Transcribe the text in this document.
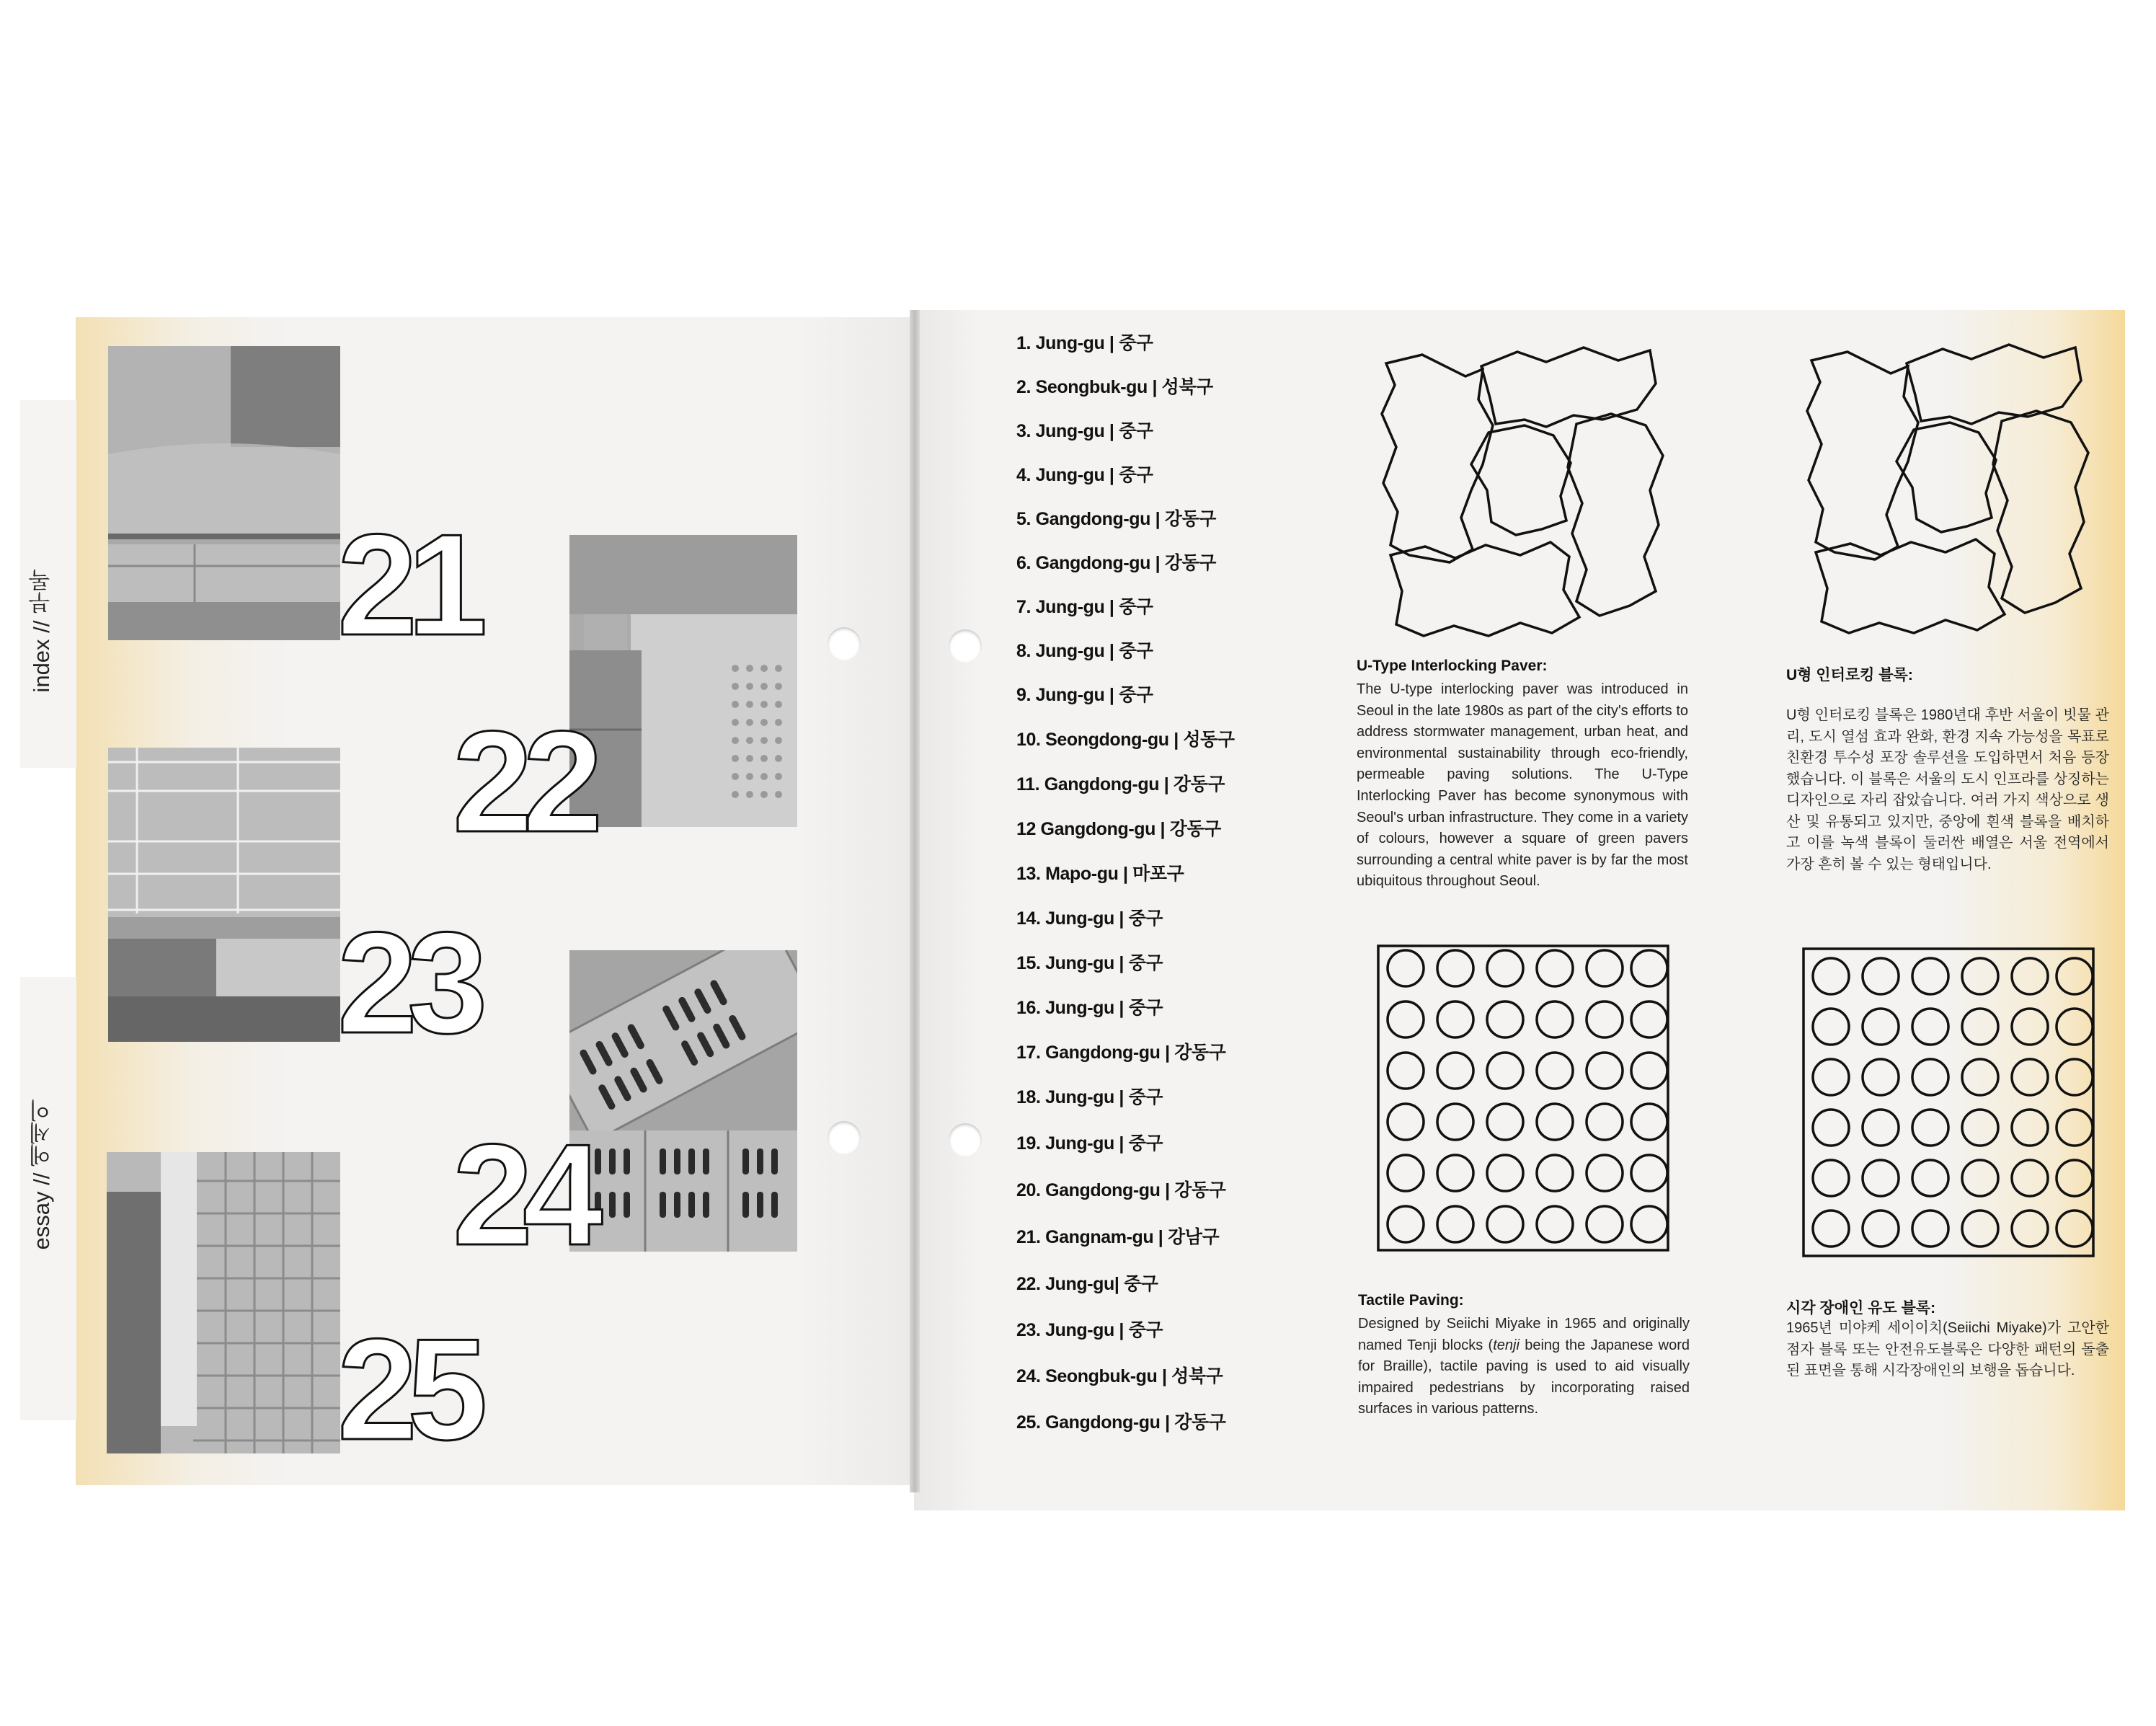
index // 부록
essay // 에세이
21
22
23
24
25
1. Jung-gu | 중구
2. Seongbuk-gu | 성북구
3. Jung-gu | 중구
4. Jung-gu | 중구
5. Gangdong-gu | 강동구
6. Gangdong-gu | 강동구
7. Jung-gu | 중구
8. Jung-gu | 중구
9. Jung-gu | 중구
10. Seongdong-gu | 성동구
11. Gangdong-gu | 강동구
12 Gangdong-gu | 강동구
13. Mapo-gu | 마포구
14. Jung-gu | 중구
15. Jung-gu | 중구
16. Jung-gu | 중구
17. Gangdong-gu | 강동구
18. Jung-gu | 중구
19. Jung-gu | 중구
20. Gangdong-gu | 강동구
21. Gangnam-gu | 강남구
22. Jung-gu| 중구
23. Jung-gu | 중구
24. Seongbuk-gu | 성북구
25. Gangdong-gu | 강동구
U-Type Interlocking Paver:
The U-type interlocking paver was introduced in Seoul in the late 1980s as part of the city's efforts to address stormwater management, urban heat, and environmental sustainability through eco-friendly, permeable paving solutions. The U-Type Interlocking Paver has become synonymous with Seoul's urban infrastructure. They come in a variety of colours, however a square of green pavers surrounding a central white paver is by far the most ubiquitous throughout Seoul.
U형 인터로킹 블록:
U형 인터로킹 블록은 1980년대 후반 서울이 빗물 관리, 도시 열섬 효과 완화, 환경 지속 가능성을 목표로 친환경 투수성 포장 솔루션을 도입하면서 처음 등장했습니다. 이 블록은 서울의 도시 인프라를 상징하는 디자인으로 자리 잡았습니다. 여러 가지 색상으로 생산 및 유통되고 있지만, 중앙에 흰색 블록을 배치하고 이를 녹색 블록이 둘러싼 배열은 서울 전역에서 가장 흔히 볼 수 있는 형태입니다.
Tactile Paving:
Designed by Seiichi Miyake in 1965 and originally named Tenji blocks (tenji being the Japanese word for Braille), tactile paving is used to aid visually impaired pedestrians by incorporating raised surfaces in various patterns.
시각 장애인 유도 블록:
1965년 미야케 세이이치(Seiichi Miyake)가 고안한 점자 블록 또는 안전유도블록은 다양한 패턴의 돌출된 표면을 통해 시각장애인의 보행을 돕습니다.
